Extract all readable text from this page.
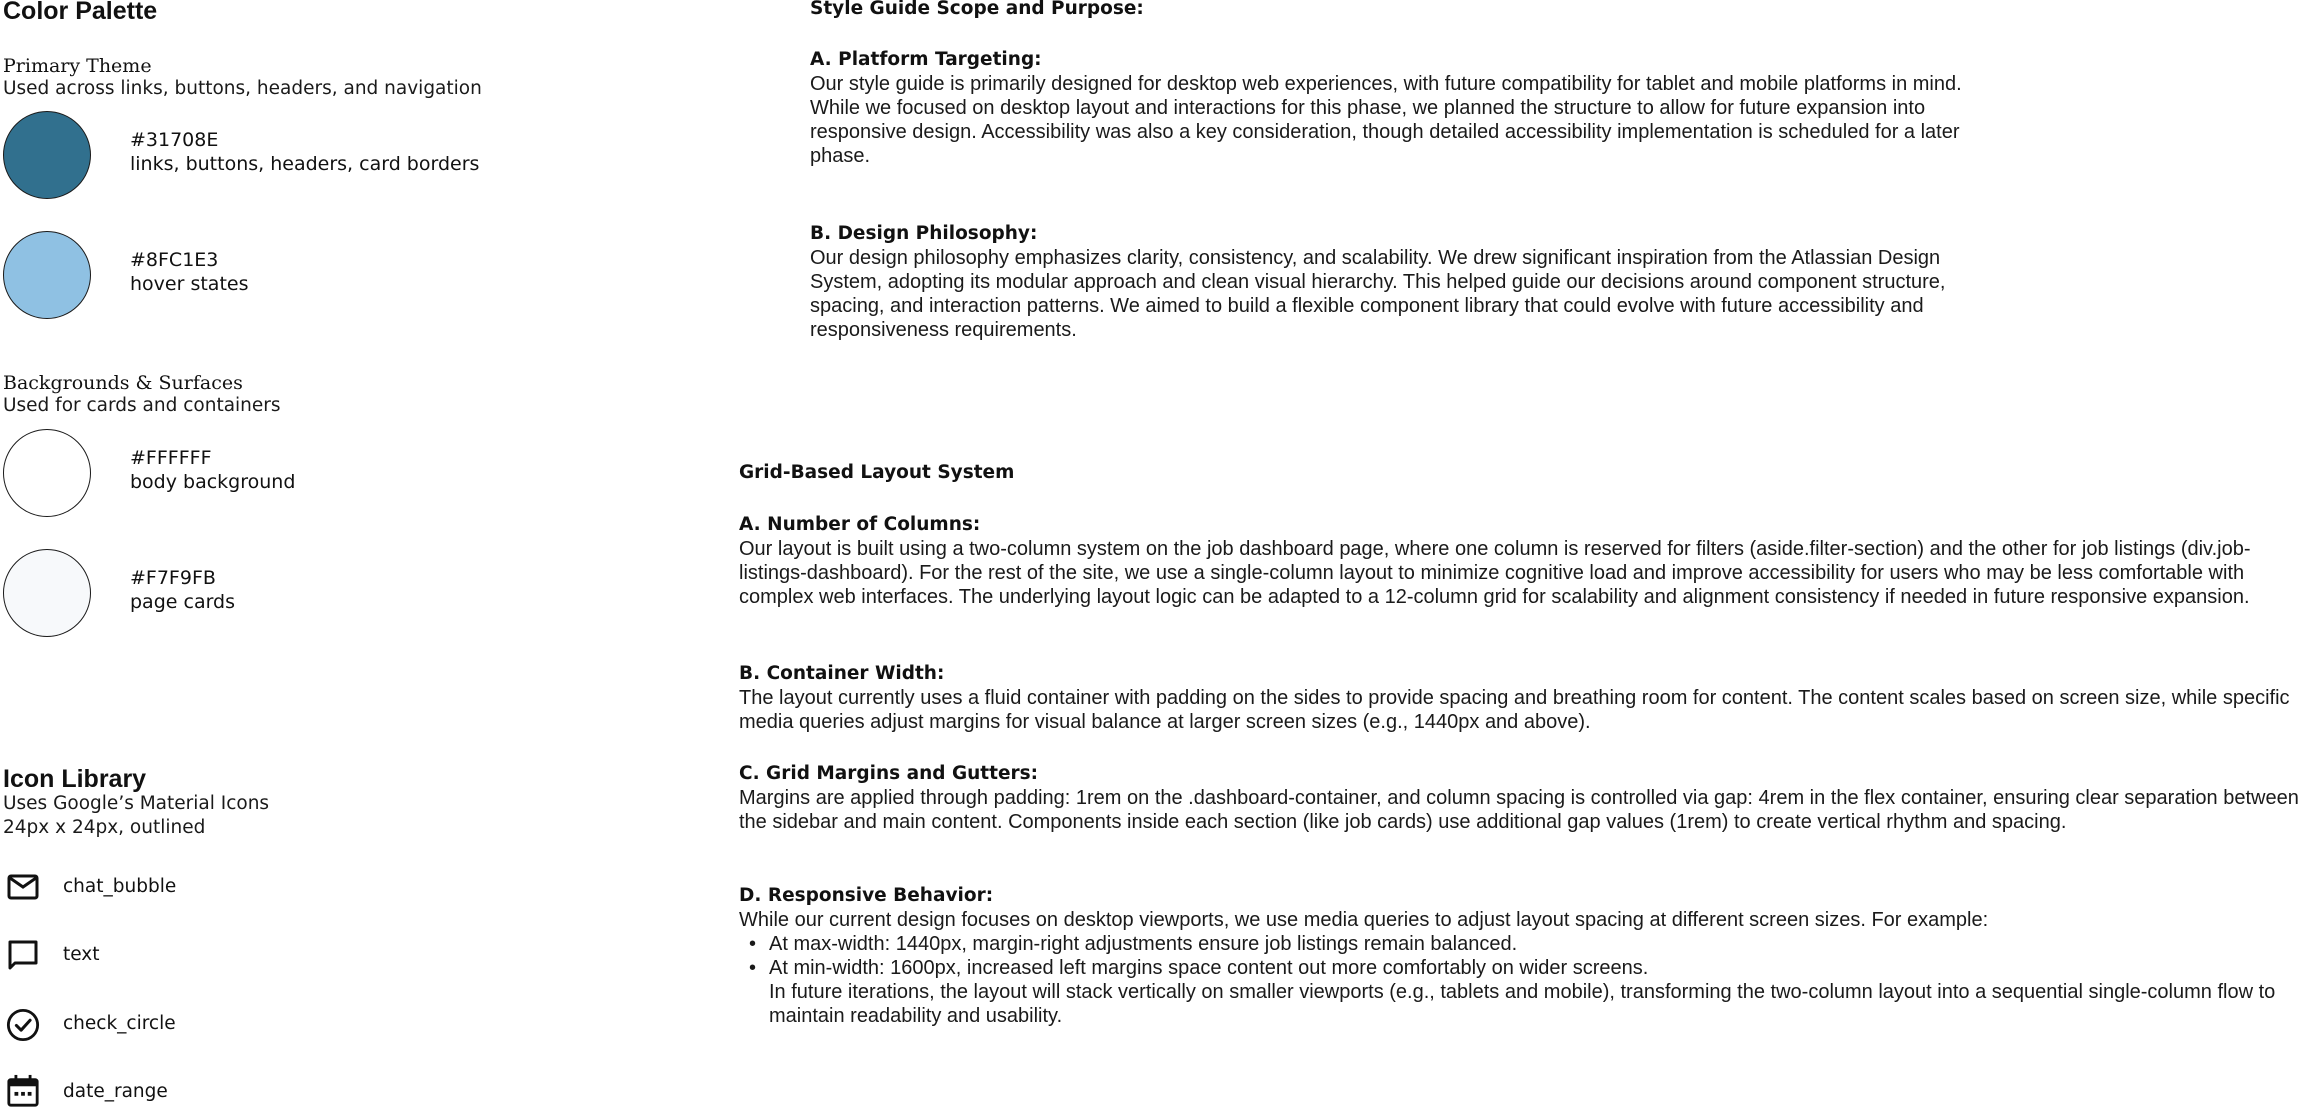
Color Palette
Primary Theme
Used across links, buttons, headers, and navigation
#31708E
links, buttons, headers, card borders
#8FC1E3
hover states
Backgrounds & Surfaces
Used for cards and containers
#FFFFFF
body background
#F7F9FB
page cards
Icon Library
Uses Google’s Material Icons
24px x 24px, outlined
chat_bubble
text
check_circle
date_range
Style Guide Scope and Purpose:
A. Platform Targeting:

Our style guide is primarily designed for desktop web experiences, with future compatibility for tablet and mobile platforms in mind. While we focused on desktop layout and interactions for this phase, we planned the structure to allow for future expansion into responsive design. Accessibility was also a key consideration, though detailed accessibility implementation is scheduled for a later phase.

B. Design Philosophy:

Our design philosophy emphasizes clarity, consistency, and scalability. We drew significant inspiration from the Atlassian Design System, adopting its modular approach and clean visual hierarchy. This helped guide our decisions around component structure, spacing, and interaction patterns. We aimed to build a flexible component library that could evolve with future accessibility and responsiveness requirements.

Grid-Based Layout System
A. Number of Columns:

Our layout is built using a two-column system on the job dashboard page, where one column is reserved for filters (aside.filter-section) and the other for job listings (div.job-listings-dashboard). For the rest of the site, we use a single-column layout to minimize cognitive load and improve accessibility for users who may be less comfortable with complex web interfaces. The underlying layout logic can be adapted to a 12-column grid for scalability and alignment consistency if needed in future responsive expansion.

B. Container Width:

The layout currently uses a fluid container with padding on the sides to provide spacing and breathing room for content. The content scales based on screen size, while specific media queries adjust margins for visual balance at larger screen sizes (e.g., 1440px and above).

C. Grid Margins and Gutters:

Margins are applied through padding: 1rem on the .dashboard-container, and column spacing is controlled via gap: 4rem in the flex container, ensuring clear separation between the sidebar and main content. Components inside each section (like job cards) use additional gap values (1rem) to create vertical rhythm and spacing.

D. Responsive Behavior:

While our current design focuses on desktop viewports, we use media queries to adjust layout spacing at different screen sizes. For example:

• At max-width: 1440px, margin-right adjustments ensure job listings remain balanced.
• At min-width: 1600px, increased left margins space content out more comfortably on wider screens.
In future iterations, the layout will stack vertically on smaller viewports (e.g., tablets and mobile), transforming the two-column layout into a sequential single-column flow to maintain readability and usability.
